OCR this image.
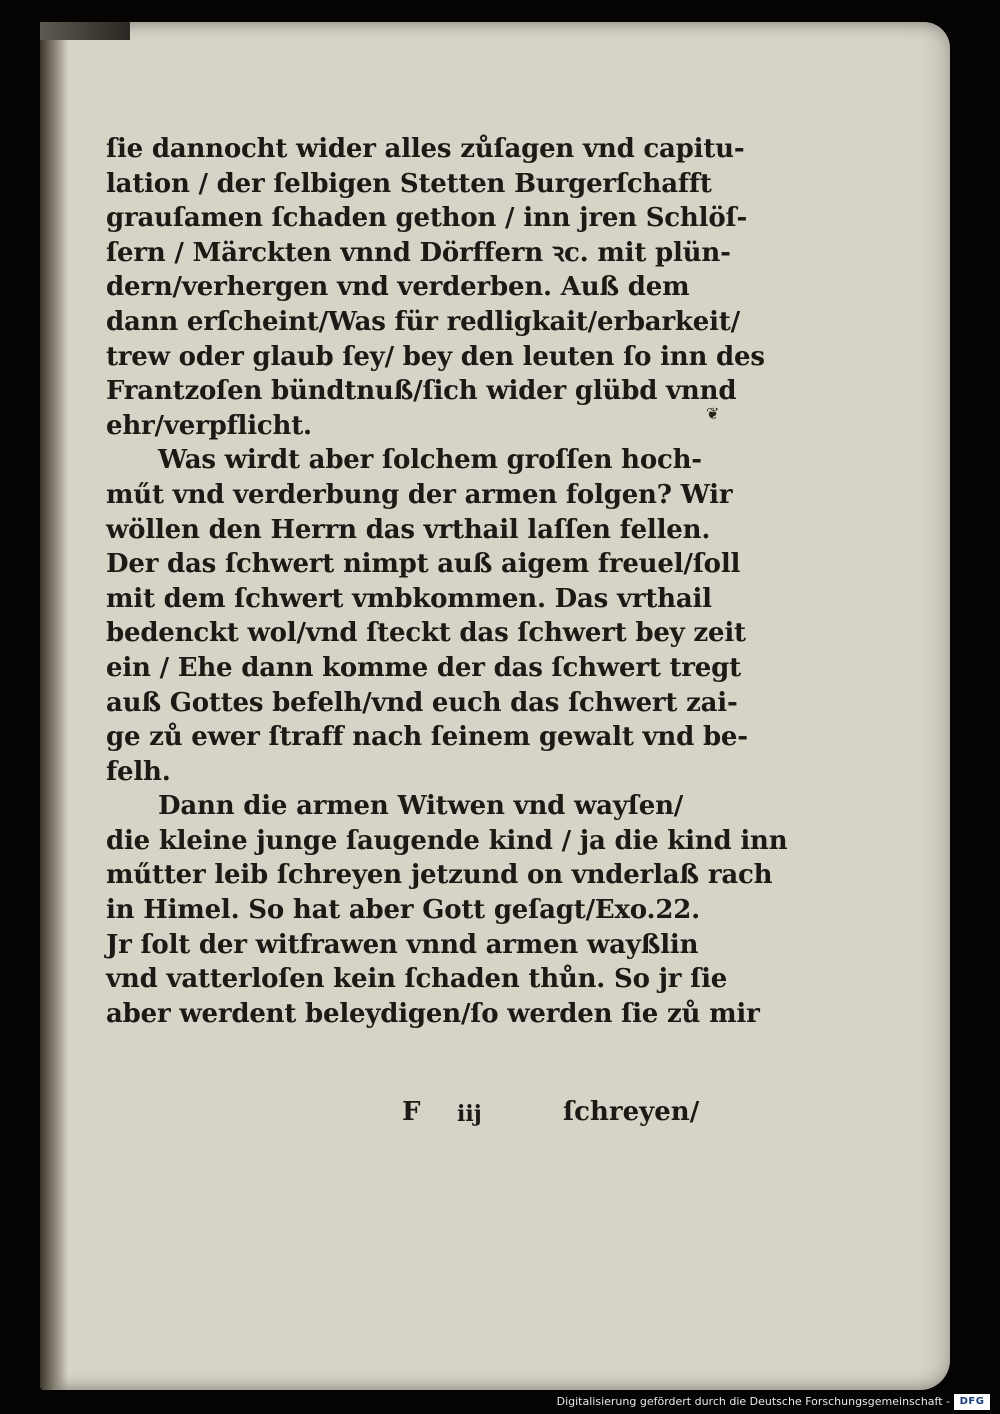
ſie dannocht wider alles zůſagen vnd capitu-
lation / der ſelbigen Stetten Burgerſchafft
grauſamen ſchaden gethon / inn jren Schlöſ-
ſern / Märckten vnnd Dörffern ꝛc. mit plün-
dern/verhergen vnd verderben. Auß dem
dann erſcheint/Was für redligkait/erbarkeit/
trew oder glaub ſey/ bey den leuten ſo inn des
Frantzoſen bündtnuß/ſich wider glübd vnnd
ehr/verpflicht.
Was wirdt aber ſolchem groſſen hoch-
műt vnd verderbung der armen folgen? Wir
wöllen den Herrn das vrthail laſſen fellen.
Der das ſchwert nimpt auß aigem freuel/ſoll
mit dem ſchwert vmbkommen. Das vrthail
bedenckt wol/vnd ſteckt das ſchwert bey zeit
ein / Ehe dann komme der das ſchwert tregt
auß Gottes befelh/vnd euch das ſchwert zai-
ge zů ewer ſtraff nach ſeinem gewalt vnd be-
felh.
Dann die armen Witwen vnd wayſen/
die kleine junge ſaugende kind / ja die kind inn
műtter leib ſchreyen jetzund on vnderlaß rach
in Himel. So hat aber Gott geſagt/Exo.22.
Jr ſolt der witfrawen vnnd armen wayßlin
vnd vatterloſen kein ſchaden thůn. So jr ſie
aber werdent beleydigen/ſo werden ſie zů mir
❦
F iij	ſchreyen/
Digitalisierung gefördert durch die Deutsche Forschungsgemeinschaft - DFG
